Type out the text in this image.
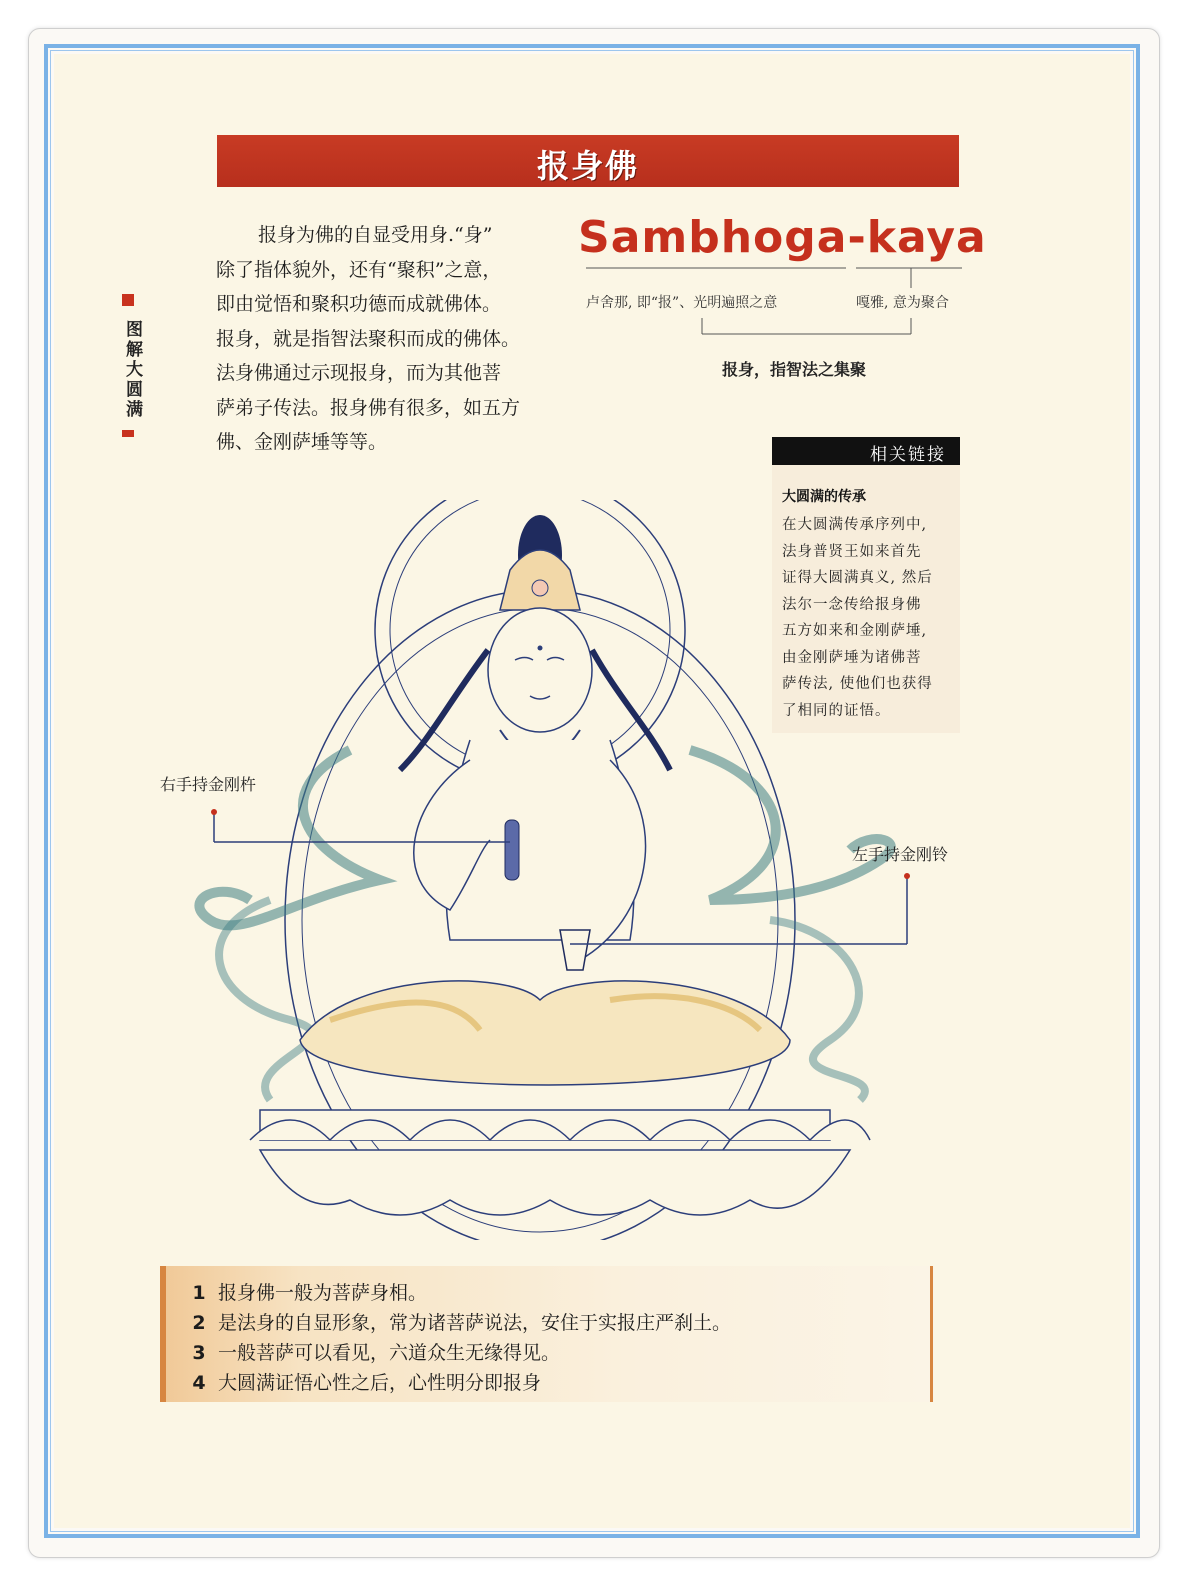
报身佛
图解大圆满

报身为佛的自显受用身.“身”

除了指体貌外，还有“聚积”之意，

即由觉悟和聚积功德而成就佛体。

报身，就是指智法聚积而成的佛体。

法身佛通过示现报身，而为其他菩

萨弟子传法。报身佛有很多，如五方

佛、金刚萨埵等等。

Sambhoga-kaya
卢舍那, 即“报”、光明遍照之意	嘎雅, 意为聚合
报身，指智法之集聚
相关链接
大圆满的传承
在大圆满传承序列中,
法身普贤王如来首先
证得大圆满真义, 然后
法尔一念传给报身佛
五方如来和金刚萨埵,
由金刚萨埵为诸佛菩
萨传法, 使他们也获得
了相同的证悟。
右手持金刚杵
左手持金刚铃
1 报身佛一般为菩萨身相。
2 是法身的自显形象，常为诸菩萨说法，安住于实报庄严刹土。
3 一般菩萨可以看见，六道众生无缘得见。
4 大圆满证悟心性之后，心性明分即报身
